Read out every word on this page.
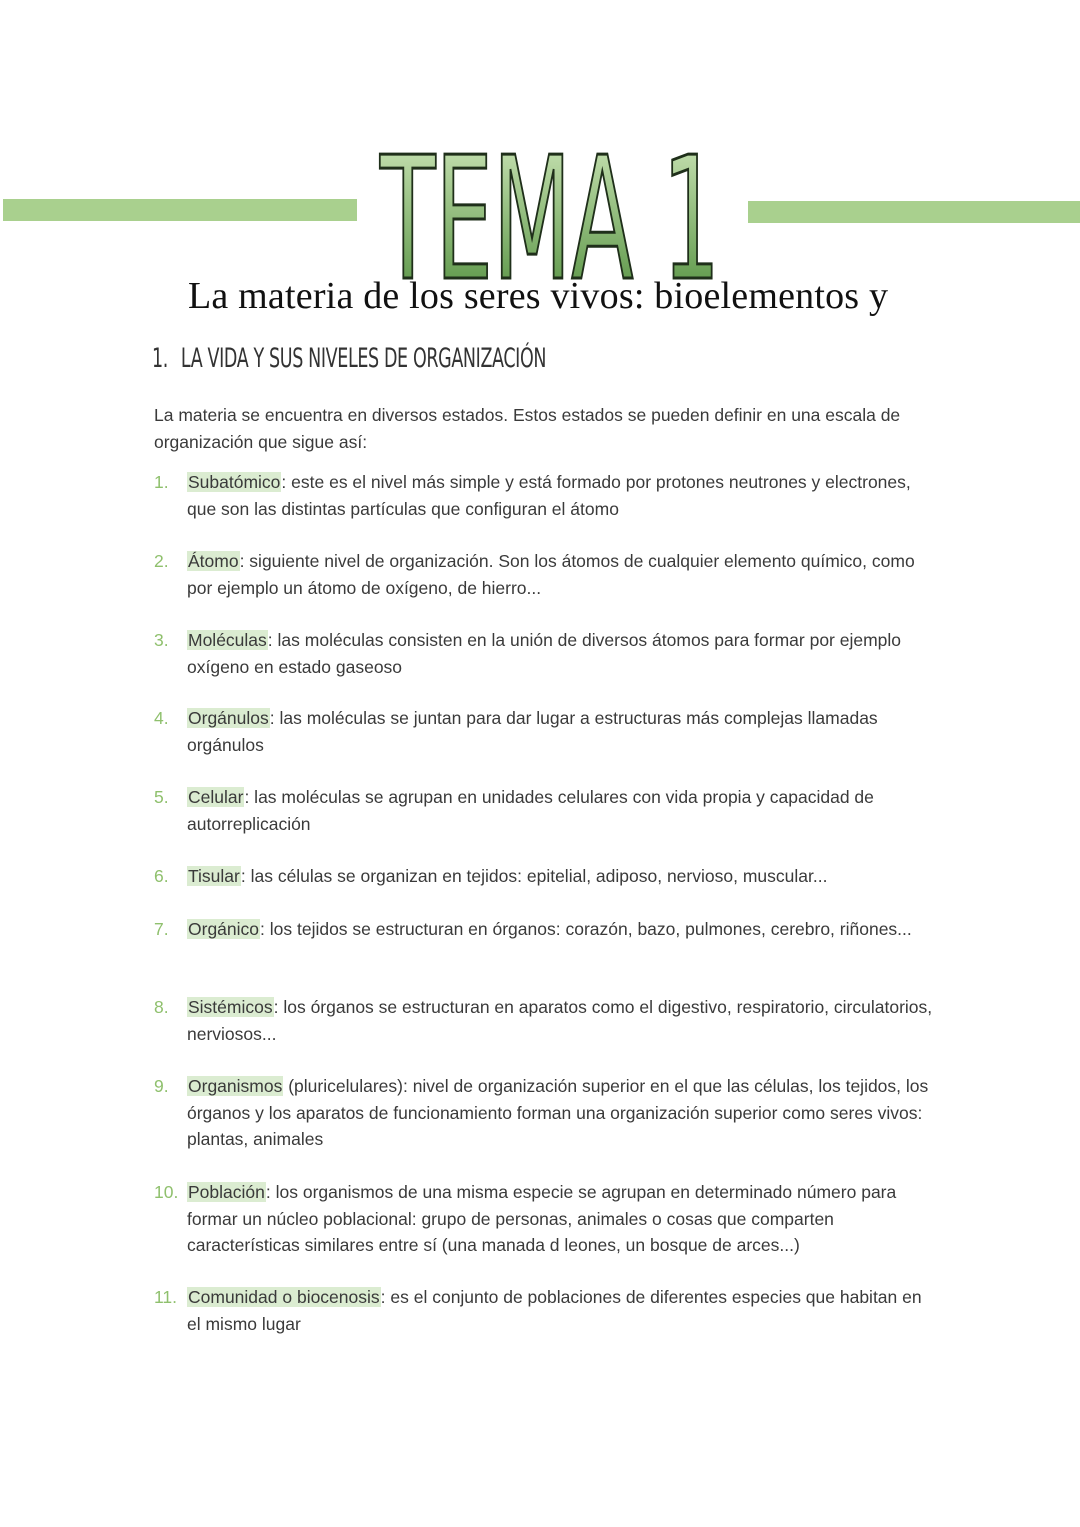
TEMA 1
La materia de los seres vivos: bioelementos y
1. LA VIDA Y SUS NIVELES DE ORGANIZACIÓN
La materia se encuentra en diversos estados. Estos estados se pueden definir en una escala de organización que sigue así:
1. Subatómico: este es el nivel más simple y está formado por protones neutrones y electrones, que son las distintas partículas que configuran el átomo
2. Átomo: siguiente nivel de organización. Son los átomos de cualquier elemento químico, como por ejemplo un átomo de oxígeno, de hierro...
3. Moléculas: las moléculas consisten en la unión de diversos átomos para formar por ejemplo oxígeno en estado gaseoso
4. Orgánulos: las moléculas se juntan para dar lugar a estructuras más complejas llamadas orgánulos
5. Celular: las moléculas se agrupan en unidades celulares con vida propia y capacidad de autorreplicación
6. Tisular: las células se organizan en tejidos: epitelial, adiposo, nervioso, muscular...
7. Orgánico: los tejidos se estructuran en órganos: corazón, bazo, pulmones, cerebro, riñones...
8. Sistémicos: los órganos se estructuran en aparatos como el digestivo, respiratorio, circulatorios, nerviosos...
9. Organismos (pluricelulares): nivel de organización superior en el que las células, los tejidos, los órganos y los aparatos de funcionamiento forman una organización superior como seres vivos: plantas, animales
10. Población: los organismos de una misma especie se agrupan en determinado número para formar un núcleo poblacional: grupo de personas, animales o cosas que comparten características similares entre sí (una manada d leones, un bosque de arces...)
11. Comunidad o biocenosis: es el conjunto de poblaciones de diferentes especies que habitan en el mismo lugar
